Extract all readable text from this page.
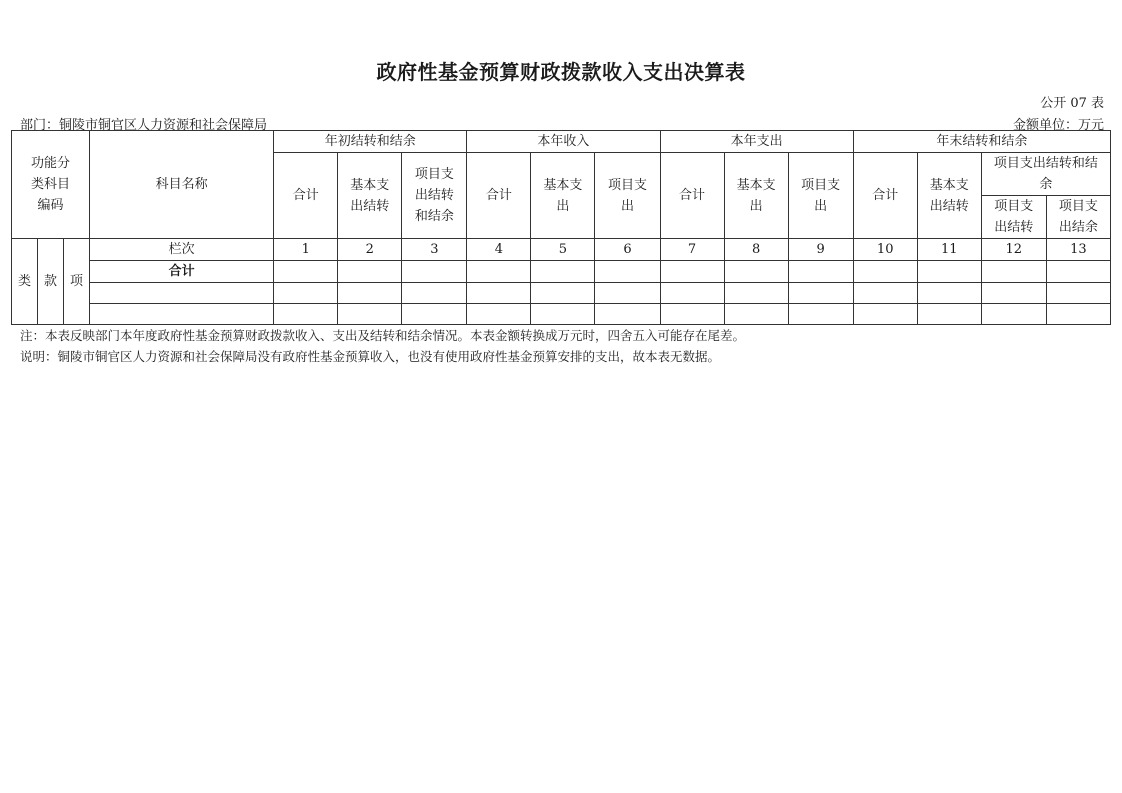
政府性基金预算财政拨款收入支出决算表
公开 07 表
部门：铜陵市铜官区人力资源和社会保障局	金额单位：万元
功能分类科目编码			科目名称	年初结转和结余			本年收入			本年支出			年末结转和结余			
				合计	基本支出结转	项目支出结转和结余	合计	基本支出	项目支出	合计	基本支出	项目支出	合计	基本支出结转	项目支出结转和结余	

															项目支出结转	项目支出结余

类	款	项	栏次	1	2	3	4	5	6	7	8	9	10	11	12	13
			合计													

注：本表反映部门本年度政府性基金预算财政拨款收入、支出及结转和结余情况。本表金额转换成万元时，四舍五入可能存在尾差。
说明：铜陵市铜官区人力资源和社会保障局没有政府性基金预算收入，也没有使用政府性基金预算安排的支出，故本表无数据。
